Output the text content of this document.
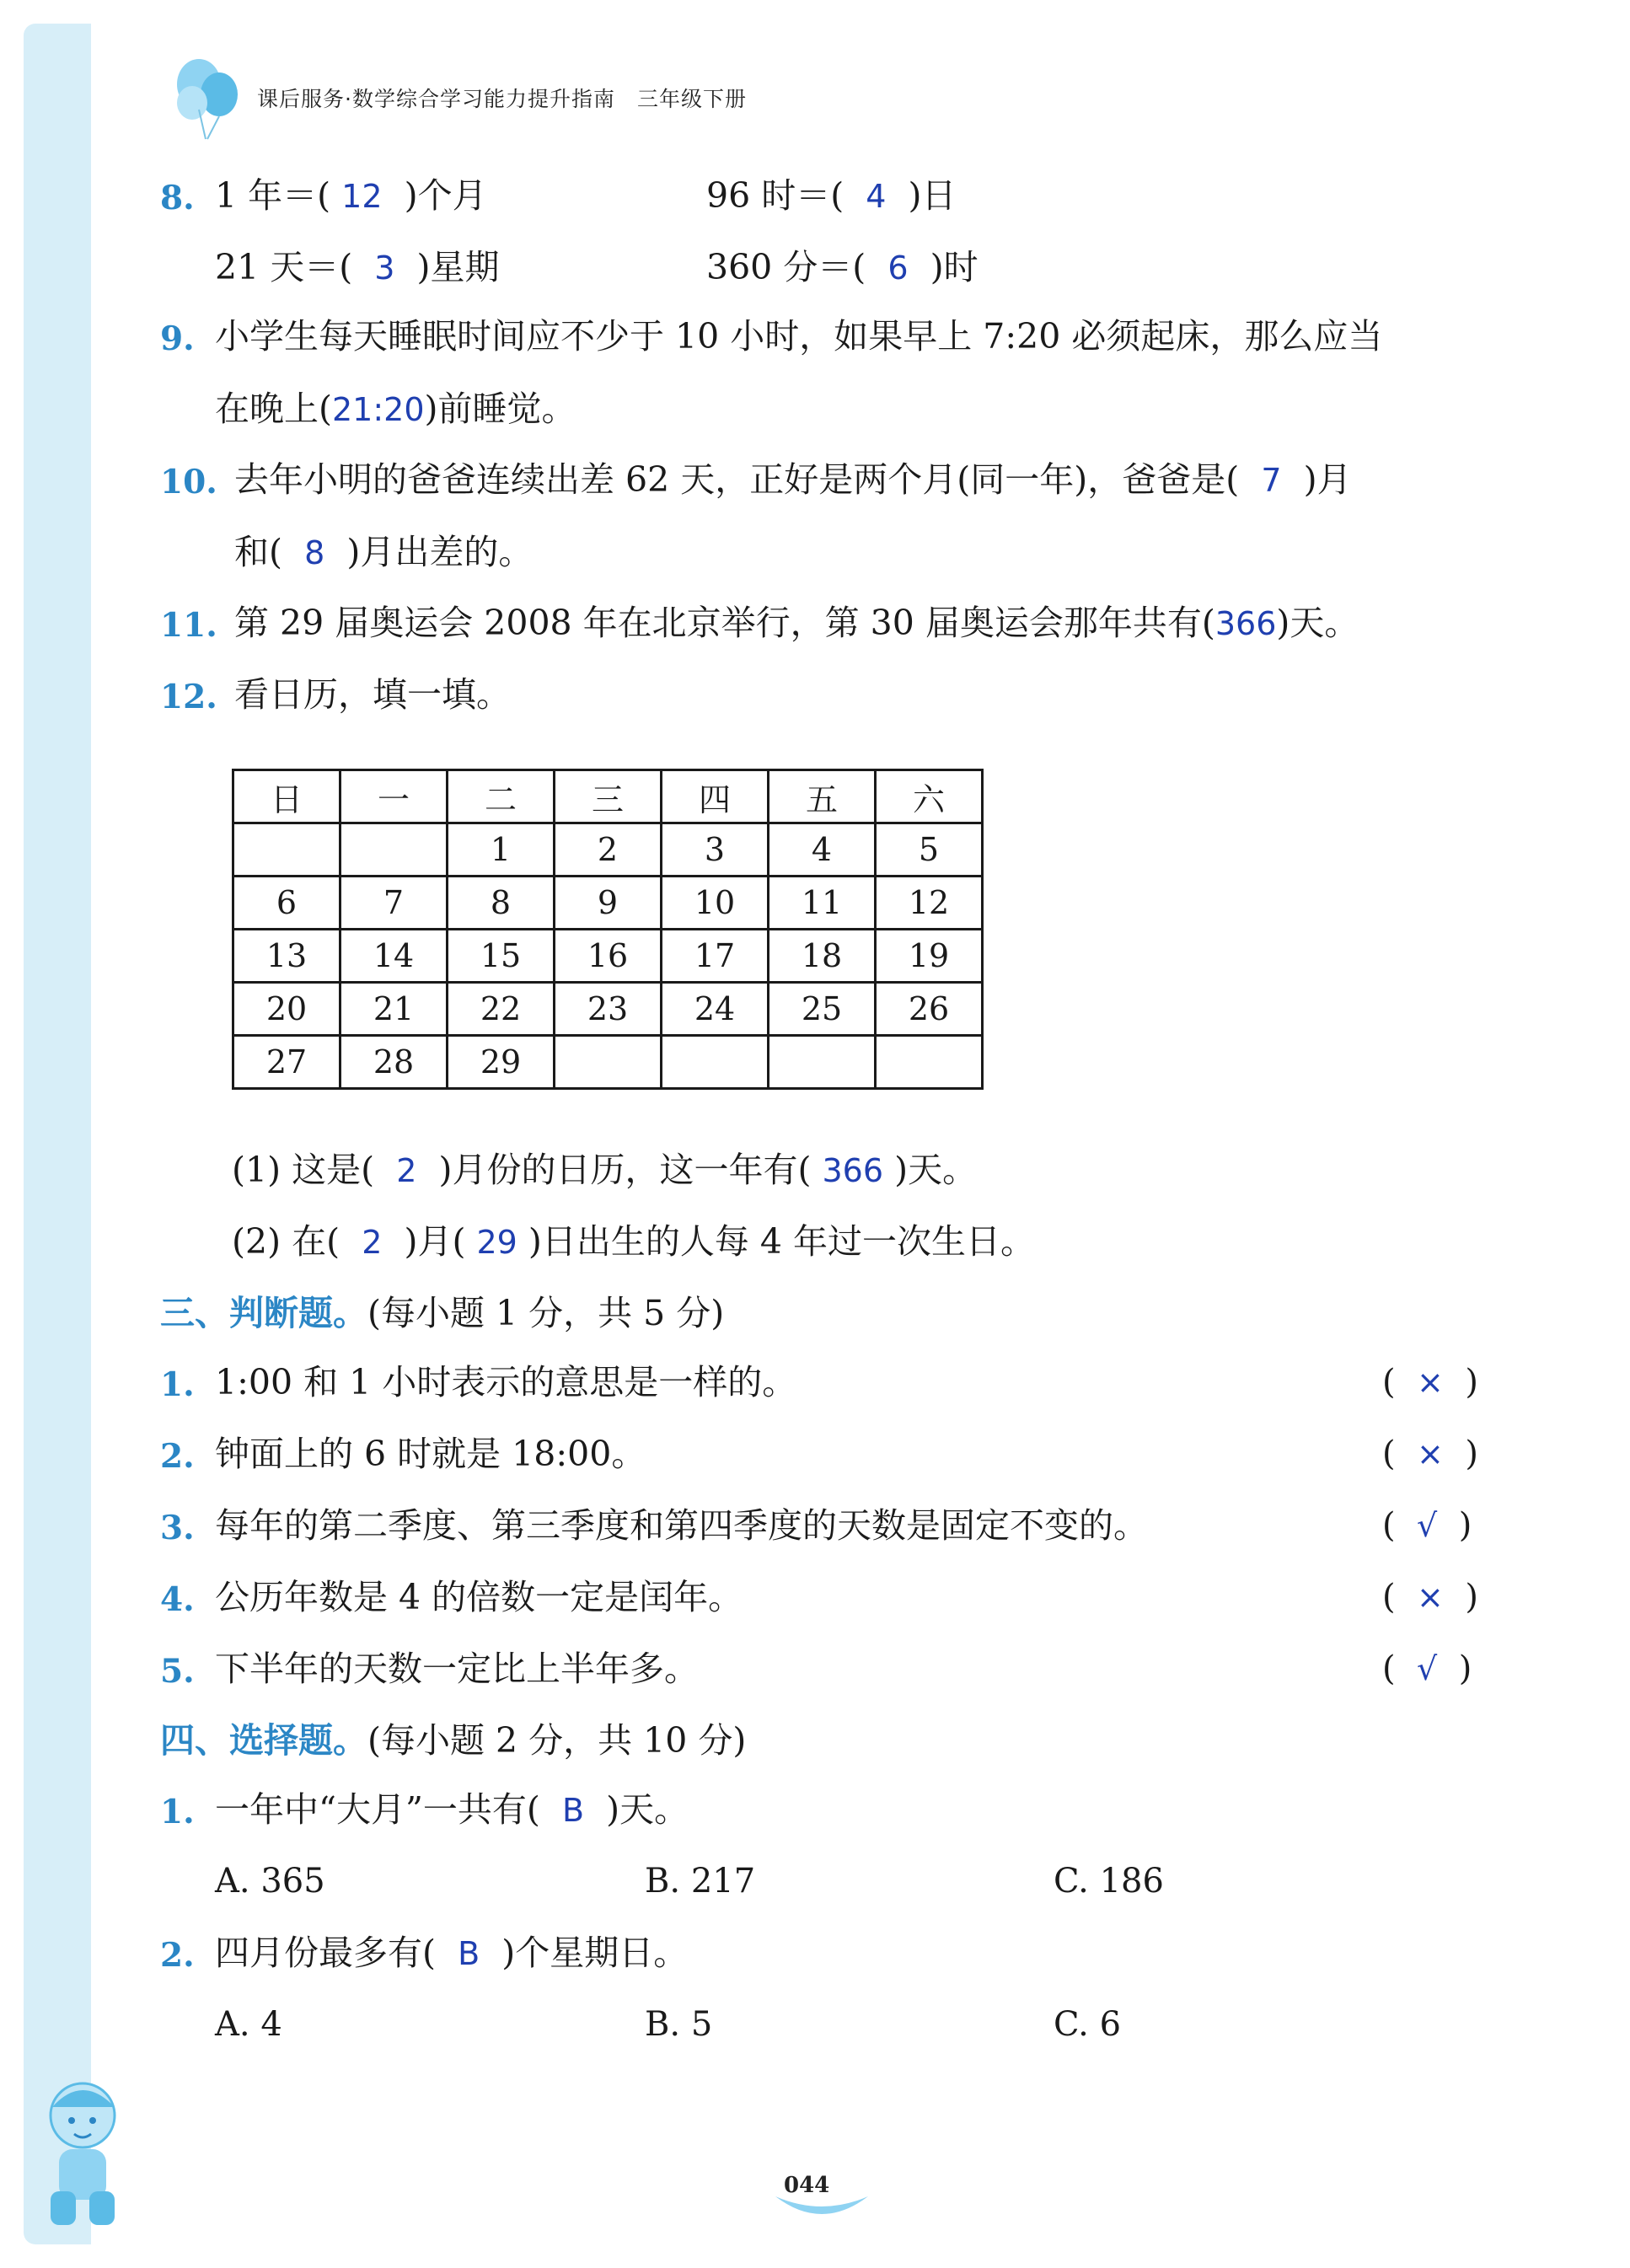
课后服务·数学综合学习能力提升指南　三年级下册
8. 1 年＝( 12 )个月	96 时＝( 4 )日
21 天＝( 3 )星期	360 分＝( 6 )时
9. 小学生每天睡眠时间应不少于 10 小时，如果早上 7:20 必须起床，那么应当
在晚上(21:20)前睡觉。
10. 去年小明的爸爸连续出差 62 天，正好是两个月(同一年)，爸爸是( 7 )月
和( 8 )月出差的。
11. 第 29 届奥运会 2008 年在北京举行，第 30 届奥运会那年共有(366)天。
12. 看日历，填一填。
日	一	二	三	四	五	六
		1	2	3	4	5
6	7	8	9	10	11	12
13	14	15	16	17	18	19
20	21	22	23	24	25	26
27	28	29				
(1) 这是( 2 )月份的日历，这一年有( 366 )天。
(2) 在( 2 )月( 29 )日出生的人每 4 年过一次生日。
三、判断题。(每小题 1 分，共 5 分)
1. 1:00 和 1 小时表示的意思是一样的。	(  ×  )
2. 钟面上的 6 时就是 18:00。	(  ×  )
3. 每年的第二季度、第三季度和第四季度的天数是固定不变的。	(  √  )
4. 公历年数是 4 的倍数一定是闰年。	(  ×  )
5. 下半年的天数一定比上半年多。	(  √  )
四、选择题。(每小题 2 分，共 10 分)
1. 一年中“大月”一共有( B )天。
A. 365	B. 217	C. 186
2. 四月份最多有( B )个星期日。
A. 4	B. 5	C. 6
044
